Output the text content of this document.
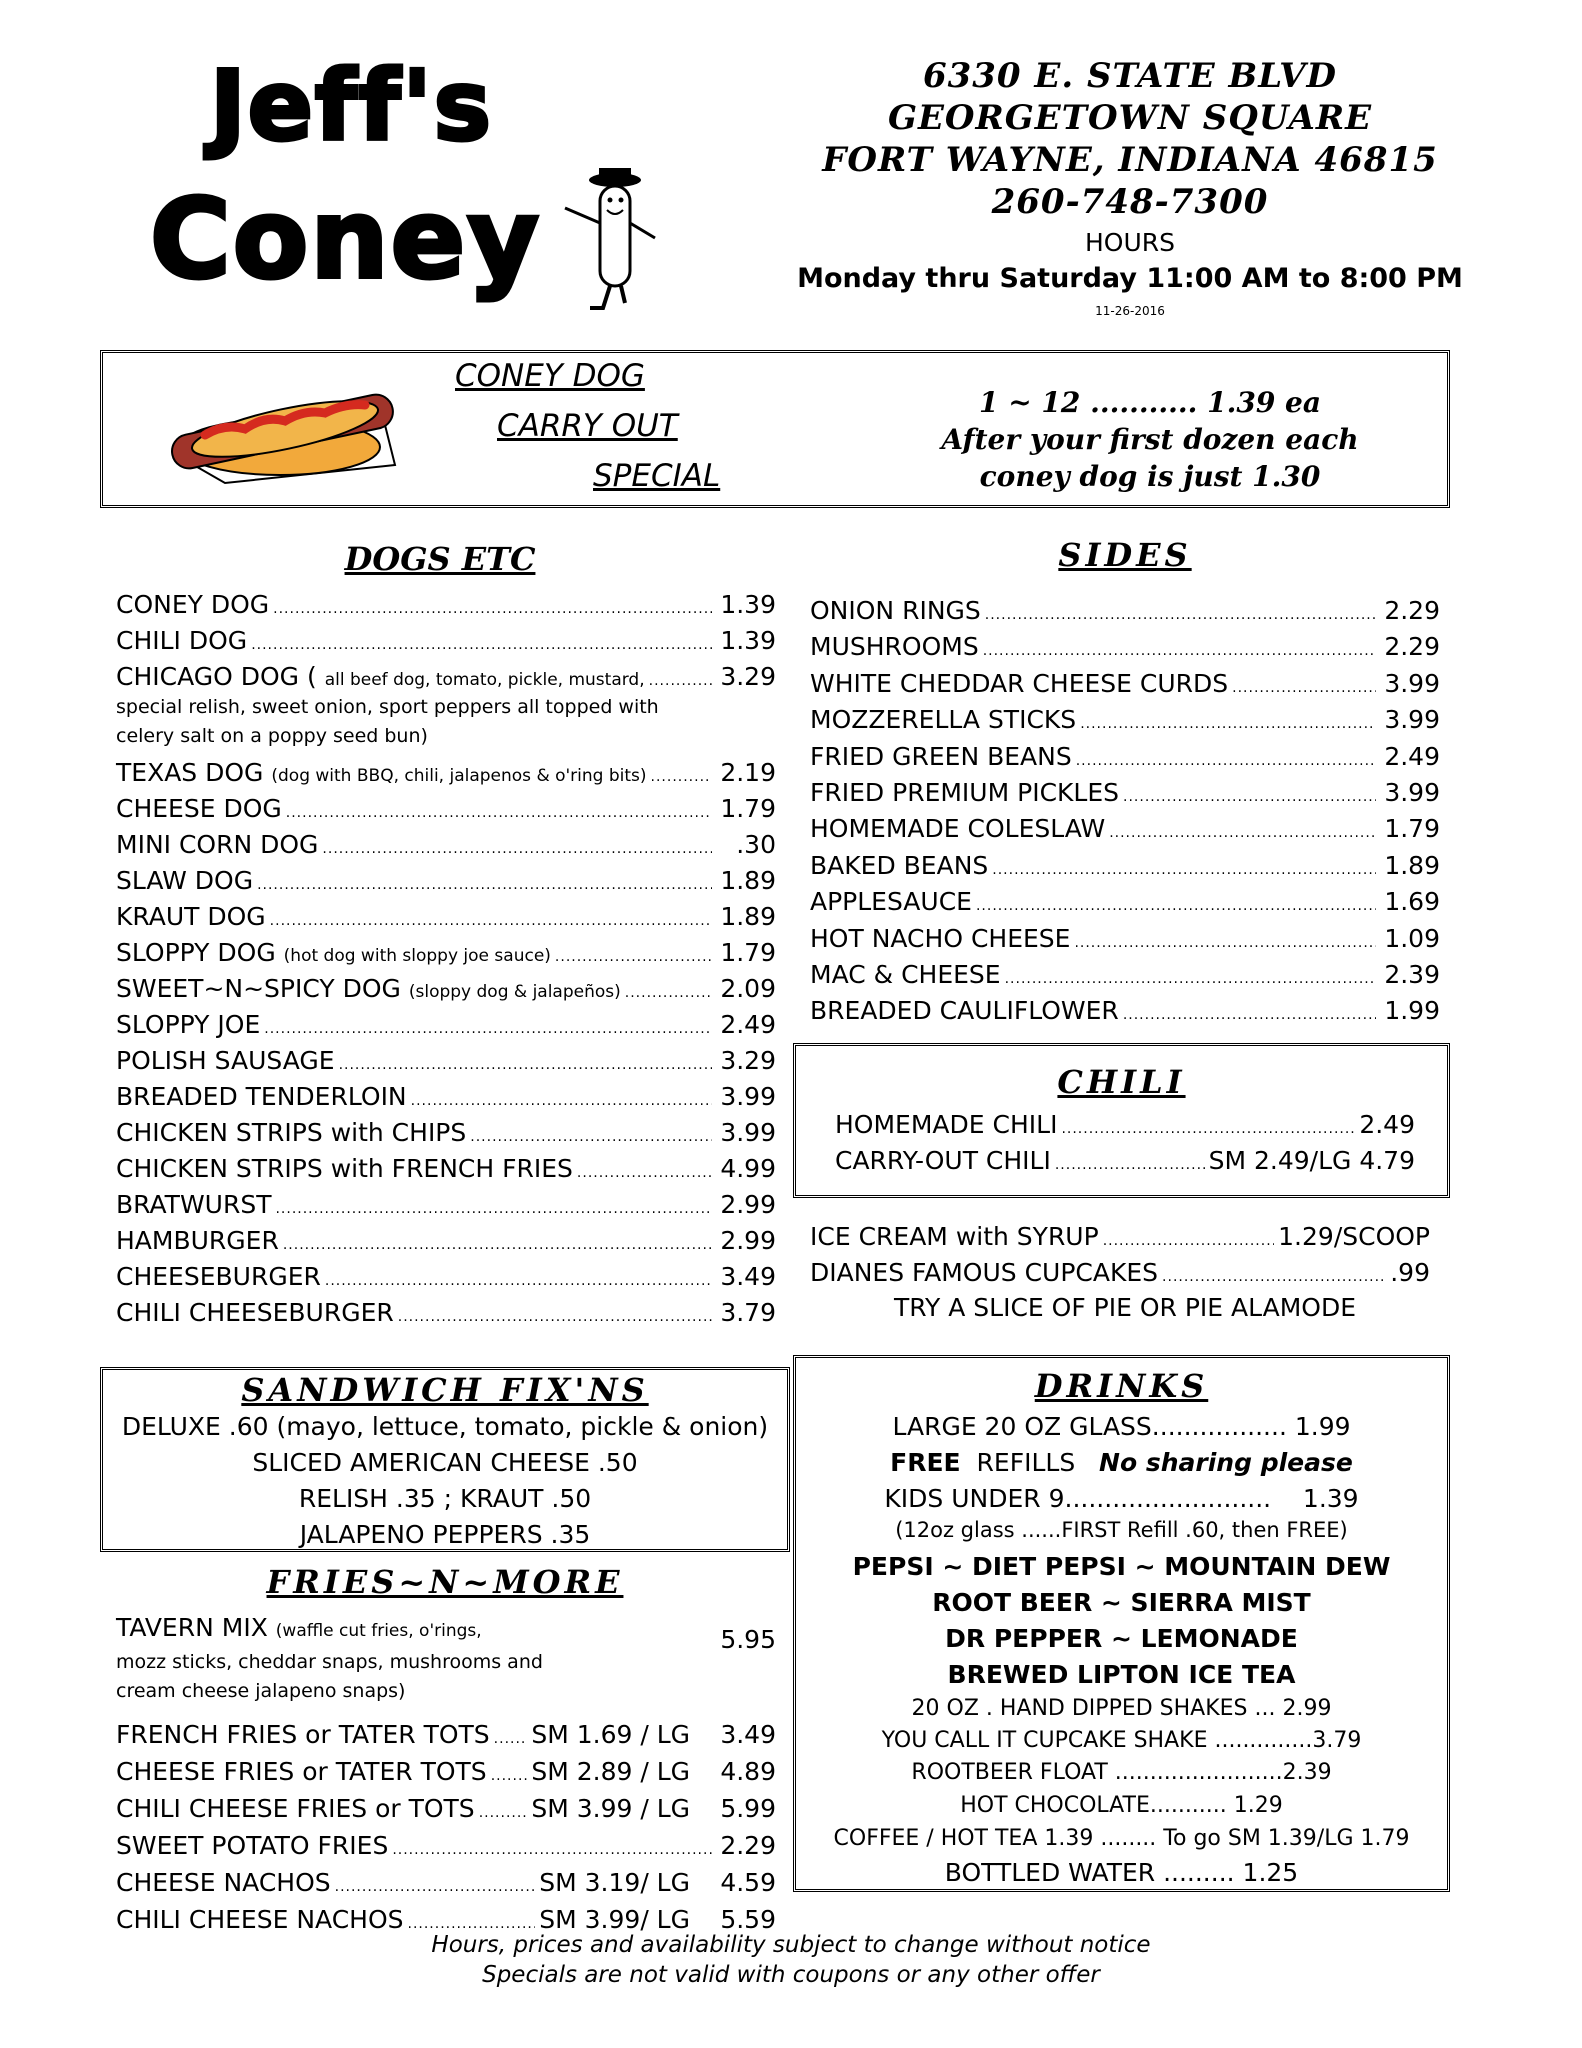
Jeff's
Coney
6330 E. STATE BLVD
GEORGETOWN SQUARE
FORT WAYNE, INDIANA 46815
260-748-7300
HOURS
Monday thru Saturday 11:00 AM to 8:00 PM
11-26-2016
CONEY DOG
CARRY OUT
SPECIAL
1 ~ 12 ........... 1.39 ea
After your first dozen each
coney dog is just 1.30
DOGS ETC	SIDES
CHILI
TRY A SLICE OF PIE OR PIE ALAMODE
SANDWICH FIX'NS
DELUXE .60 (mayo, lettuce, tomato, pickle & onion)
SLICED AMERICAN CHEESE .50
RELISH .35 ; KRAUT .50
JALAPENO PEPPERS .35
FRIES~N~MORE
TAVERN MIX (waffle cut fries, o'rings,	5.95
mozz sticks, cheddar snaps, mushrooms and
cream cheese jalapeno snaps)
DRINKS
LARGE 20 OZ GLASS................. 1.99
FREE REFILLS No sharing please
KIDS UNDER 9..........................    1.39
(12oz glass ......FIRST Refill .60, then FREE)
PEPSI ~ DIET PEPSI ~ MOUNTAIN DEW
ROOT BEER ~ SIERRA MIST
DR PEPPER ~ LEMONADE
BREWED LIPTON ICE TEA
20 OZ . HAND DIPPED SHAKES ... 2.99
YOU CALL IT CUPCAKE SHAKE ..............3.79
ROOTBEER FLOAT ........................2.39
HOT CHOCOLATE........... 1.29
COFFEE / HOT TEA 1.39 ........ To go SM 1.39/LG 1.79
BOTTLED WATER ......... 1.25
Hours, prices and availability subject to change without notice
Specials are not valid with coupons or any other offer
CONEY DOG .....	1.39
CHILI DOG .....	1.39
CHICAGO DOG ( all beef dog, tomato, pickle, mustard, .....	3.29
TEXAS DOG (dog with BBQ, chili, jalapenos & o'ring bits) .....	2.19
CHEESE DOG .....	1.79
MINI CORN DOG .....	.30
SLAW DOG .....	1.89
KRAUT DOG .....	1.89
SLOPPY DOG (hot dog with sloppy joe sauce) .....	1.79
SWEET~N~SPICY DOG (sloppy dog & jalapeños) .....	2.09
SLOPPY JOE .....	2.49
POLISH SAUSAGE .....	3.29
BREADED TENDERLOIN .....	3.99
CHICKEN STRIPS with CHIPS .....	3.99
CHICKEN STRIPS with FRENCH FRIES .....	4.99
BRATWURST .....	2.99
HAMBURGER .....	2.99
CHEESEBURGER .....	3.49
CHILI CHEESEBURGER .....	3.79
special relish, sweet onion, sport peppers all topped with
celery salt on a poppy seed bun)
ONION RINGS .....	2.29
MUSHROOMS .....	2.29
WHITE CHEDDAR CHEESE CURDS .....	3.99
MOZZERELLA STICKS .....	3.99
FRIED GREEN BEANS .....	2.49
FRIED PREMIUM PICKLES .....	3.99
HOMEMADE COLESLAW .....	1.79
BAKED BEANS .....	1.89
APPLESAUCE .....	1.69
HOT NACHO CHEESE .....	1.09
MAC & CHEESE .....	2.39
BREADED CAULIFLOWER .....	1.99
HOMEMADE CHILI .....	2.49
CARRY-OUT CHILI .....	SM 2.49/LG 4.79
ICE CREAM with SYRUP .....	1.29/SCOOP
DIANES FAMOUS CUPCAKES .....	.99
FRENCH FRIES or TATER TOTS ..... SM 1.69 / LG 3.49
CHEESE FRIES or TATER TOTS ..... SM 2.89 / LG 4.89
CHILI CHEESE FRIES or TOTS ..... SM 3.99 / LG 5.99
SWEET POTATO FRIES .....	2.29
CHEESE NACHOS .....	SM 3.19/ LG 4.59
CHILI CHEESE NACHOS .....	SM 3.99/ LG 5.59
